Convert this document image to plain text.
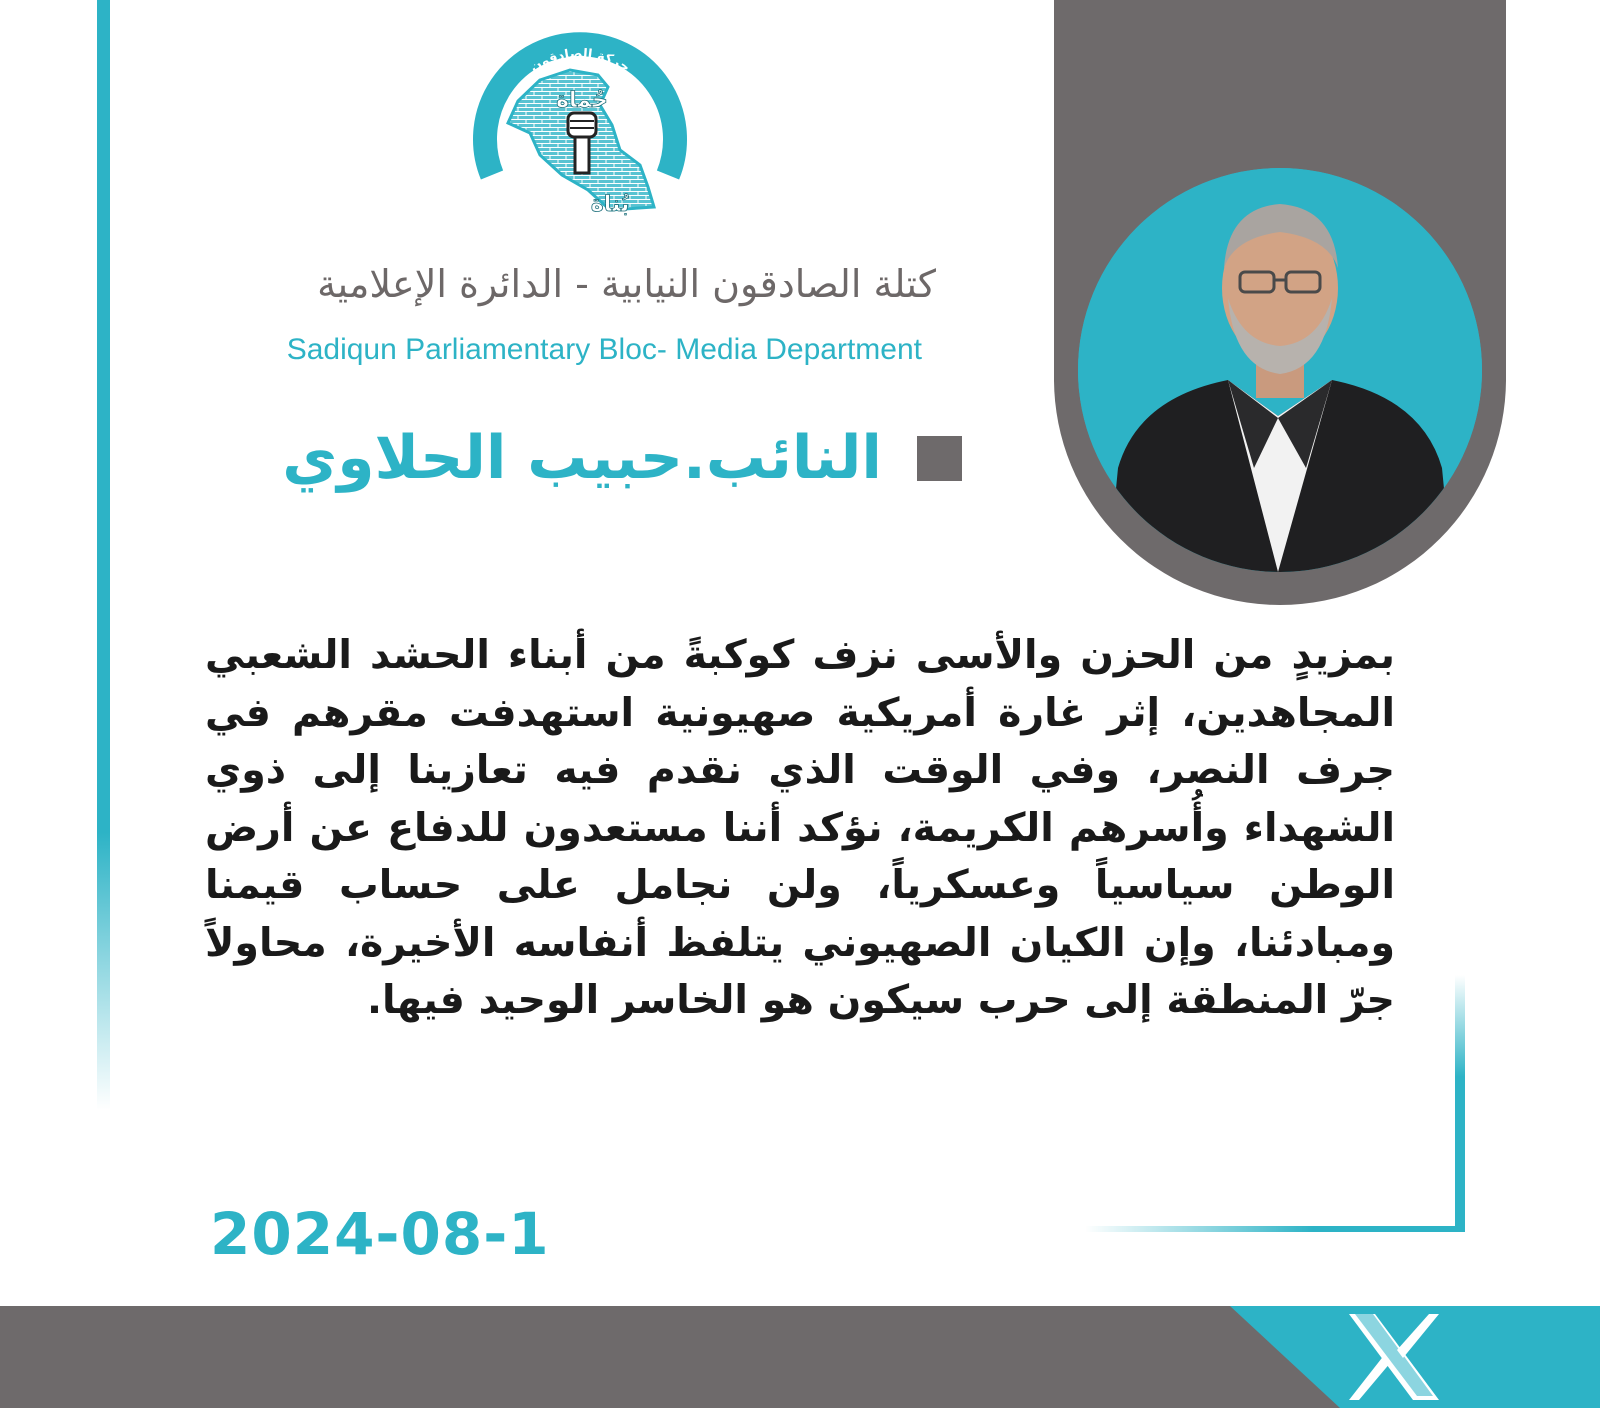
حركة الصادقون
حُماة
بُناة
كتلة الصادقون النيابية - الدائرة الإعلامية
Sadiqun Parliamentary Bloc- Media Department
النائب.حبيب الحلاوي

بمزيدٍ من الحزن والأسى نزف كوكبةً من أبناء الحشد الشعبي المجاهدين، إثر غارة أمريكية صهيونية استهدفت مقرهم في جرف النصر، وفي الوقت الذي نقدم فيه تعازينا إلى ذوي الشهداء وأُسرهم الكريمة، نؤكد أننا مستعدون للدفاع عن أرض الوطن سياسياً وعسكرياً، ولن نجامل على حساب قيمنا ومبادئنا، وإن الكيان الصهيوني يتلفظ أنفاسه الأخيرة، محاولاً جرّ المنطقة إلى حرب سيكون هو الخاسر الوحيد فيها.

2024-08-1
